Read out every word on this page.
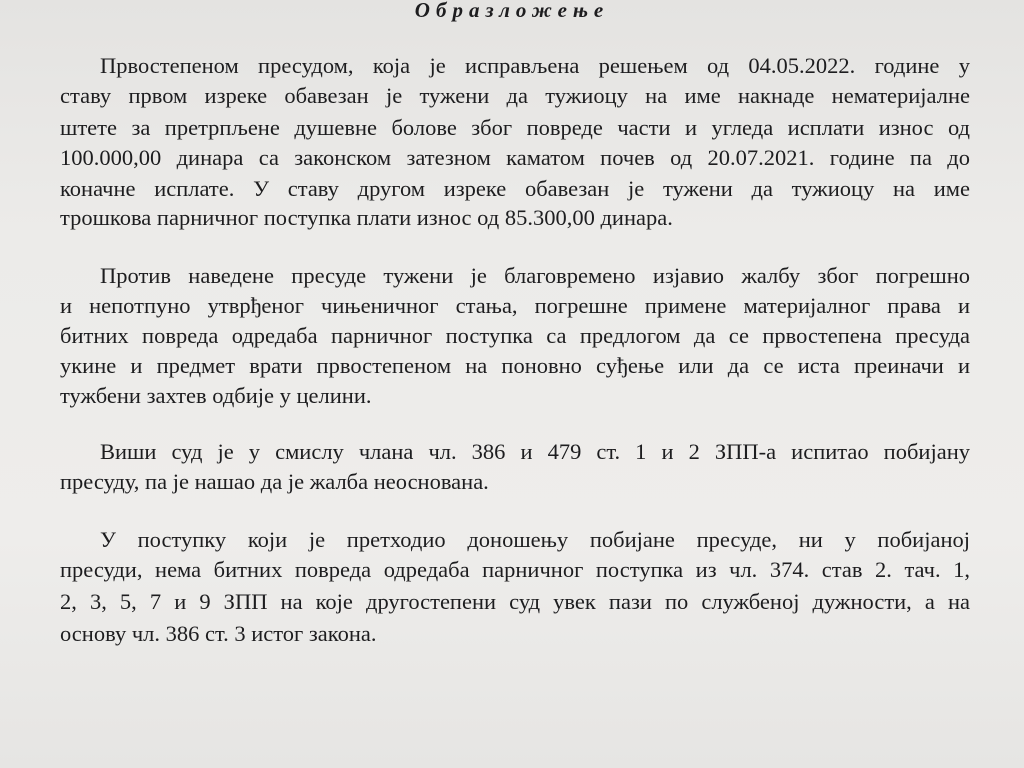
Образложење
Првостепеном пресудом, која је исправљена решењем од 04.05.2022. године у
ставу првом изреке обавезан је тужени да тужиоцу на име накнаде нематеријалне
штете за претрпљене душевне болове због повреде части и угледа исплати износ од
100.000,00 динара са законском затезном каматом почев од 20.07.2021. године па до
коначне исплате. У ставу другом изреке обавезан је тужени да тужиоцу на име
трошкова парничног поступка плати износ од 85.300,00 динара.
Против наведене пресуде тужени је благовремено изјавио жалбу због погрешно
и непотпуно утврђеног чињеничног стања, погрешне примене материјалног права и
битних повреда одредаба парничног поступка са предлогом да се првостепена пресуда
укине и предмет врати првостепеном на поновно суђење или да се иста преиначи и
тужбени захтев одбије у целини.
Виши суд је у смислу члана чл. 386 и 479 ст. 1 и 2 ЗПП-а испитао побијану
пресуду, па је нашао да је жалба неоснована.
У поступку који је претходио доношењу побијане пресуде, ни у побијаној
пресуди, нема битних повреда одредаба парничног поступка из чл. 374. став 2. тач. 1,
2, 3, 5, 7 и 9 ЗПП на које другостепени суд увек пази по службеној дужности, а на
основу чл. 386 ст. 3 истог закона.
